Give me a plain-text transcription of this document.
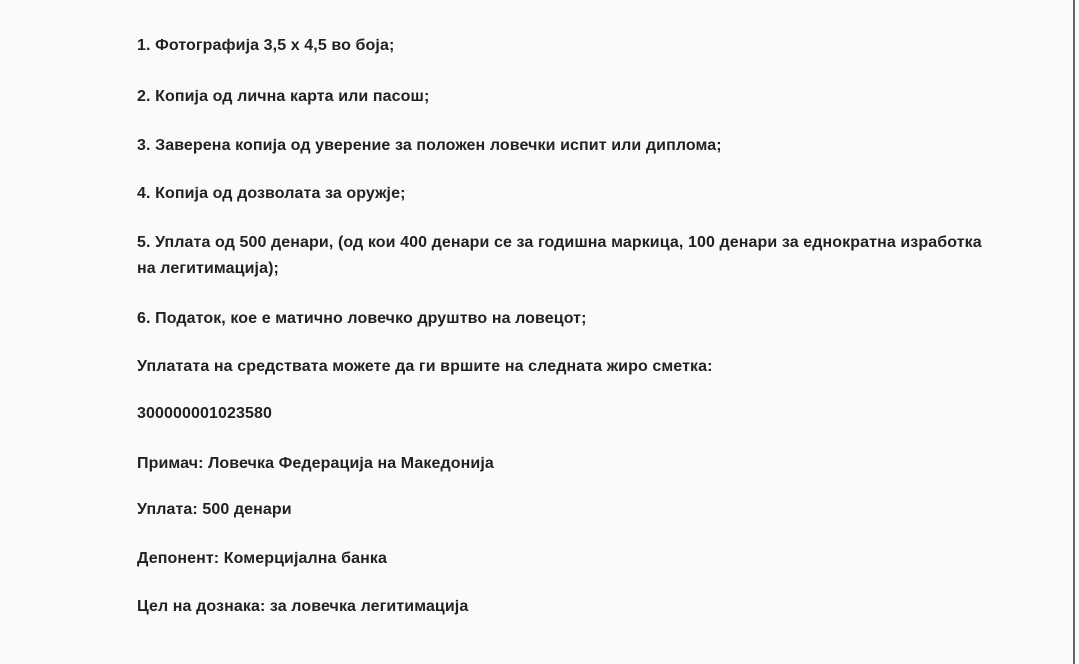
1. Фотографија 3,5 x 4,5 во боја;
2. Копија од лична карта или пасош;
3. Заверена копија од уверение за положен ловечки испит или диплома;
4. Копија од дозволата за оружје;
5. Уплата од 500 денари, (од кои 400 денари се за годишна маркица, 100 денари за еднократна изработка на легитимација);
6. Податок, кое е матично ловечко друштво на ловецот;
Уплатата на средствата можете да ги вршите на следната жиро сметка:
300000001023580
Примач: Ловечка Федерација на Македонија
Уплата: 500 денари
Депонент: Комерцијална банка
Цел на дознака: за ловечка легитимација
